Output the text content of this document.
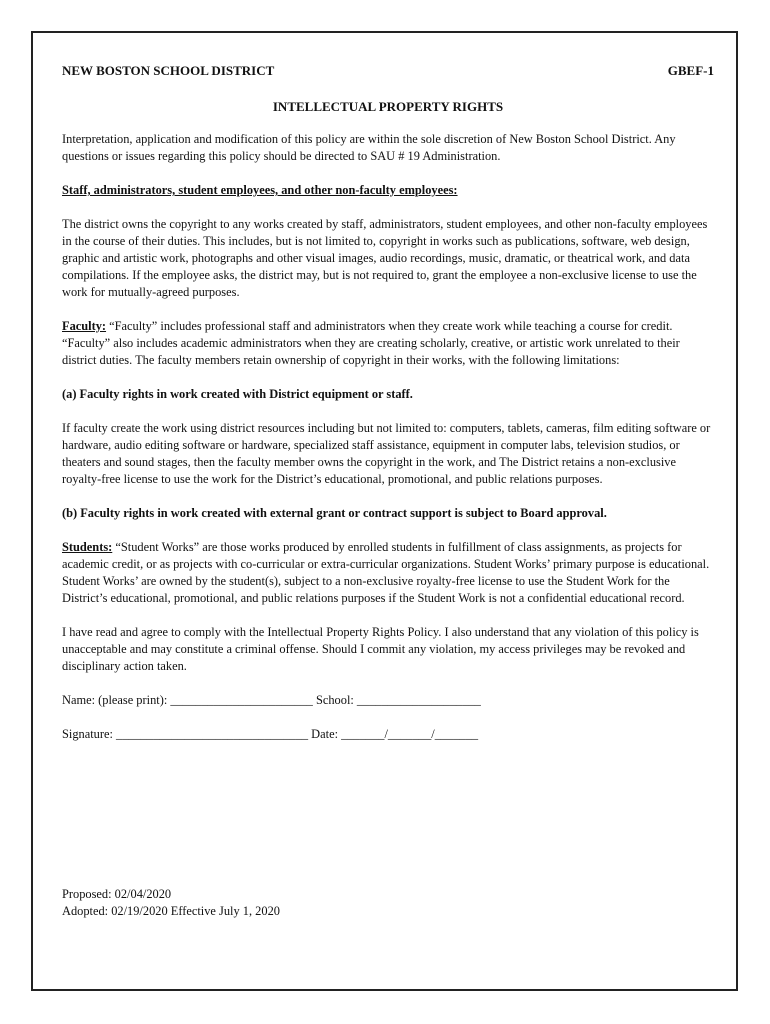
NEW BOSTON SCHOOL DISTRICT	GBEF-1
INTELLECTUAL PROPERTY RIGHTS

Interpretation, application and modification of this policy are within the sole discretion of New Boston School District. Any questions or issues regarding this policy should be directed to SAU # 19 Administration.

Staff, administrators, student employees, and other non-faculty employees:

The district owns the copyright to any works created by staff, administrators, student employees, and other non-faculty employees in the course of their duties. This includes, but is not limited to, copyright in works such as publications, software, web design, graphic and artistic work, photographs and other visual images, audio recordings, music, dramatic, or theatrical work, and data compilations. If the employee asks, the district may, but is not required to, grant the employee a non-exclusive license to use the work for mutually-agreed purposes.

Faculty: “Faculty” includes professional staff and administrators when they create work while teaching a course for credit. “Faculty” also includes academic administrators when they are creating scholarly, creative, or artistic work unrelated to their district duties. The faculty members retain ownership of copyright in their works, with the following limitations:

(a) Faculty rights in work created with District equipment or staff.

If faculty create the work using district resources including but not limited to: computers, tablets, cameras, film editing software or hardware, audio editing software or hardware, specialized staff assistance, equipment in computer labs, television studios, or theaters and sound stages, then the faculty member owns the copyright in the work, and The District retains a non-exclusive royalty-free license to use the work for the District’s educational, promotional, and public relations purposes.

(b) Faculty rights in work created with external grant or contract support is subject to Board approval.

Students: “Student Works” are those works produced by enrolled students in fulfillment of class assignments, as projects for academic credit, or as projects with co-curricular or extra-curricular organizations. Student Works’ primary purpose is educational. Student Works’ are owned by the student(s), subject to a non-exclusive royalty-free license to use the Student Work for the District’s educational, promotional, and public relations purposes if the Student Work is not a confidential educational record.

I have read and agree to comply with the Intellectual Property Rights Policy. I also understand that any violation of this policy is unacceptable and may constitute a criminal offense. Should I commit any violation, my access privileges may be revoked and disciplinary action taken.

Name: (please print): _______________________ School: ____________________

Signature: _______________________________ Date: _______/_______/_______

Proposed: 02/04/2020
Adopted: 02/19/2020 Effective July 1, 2020
